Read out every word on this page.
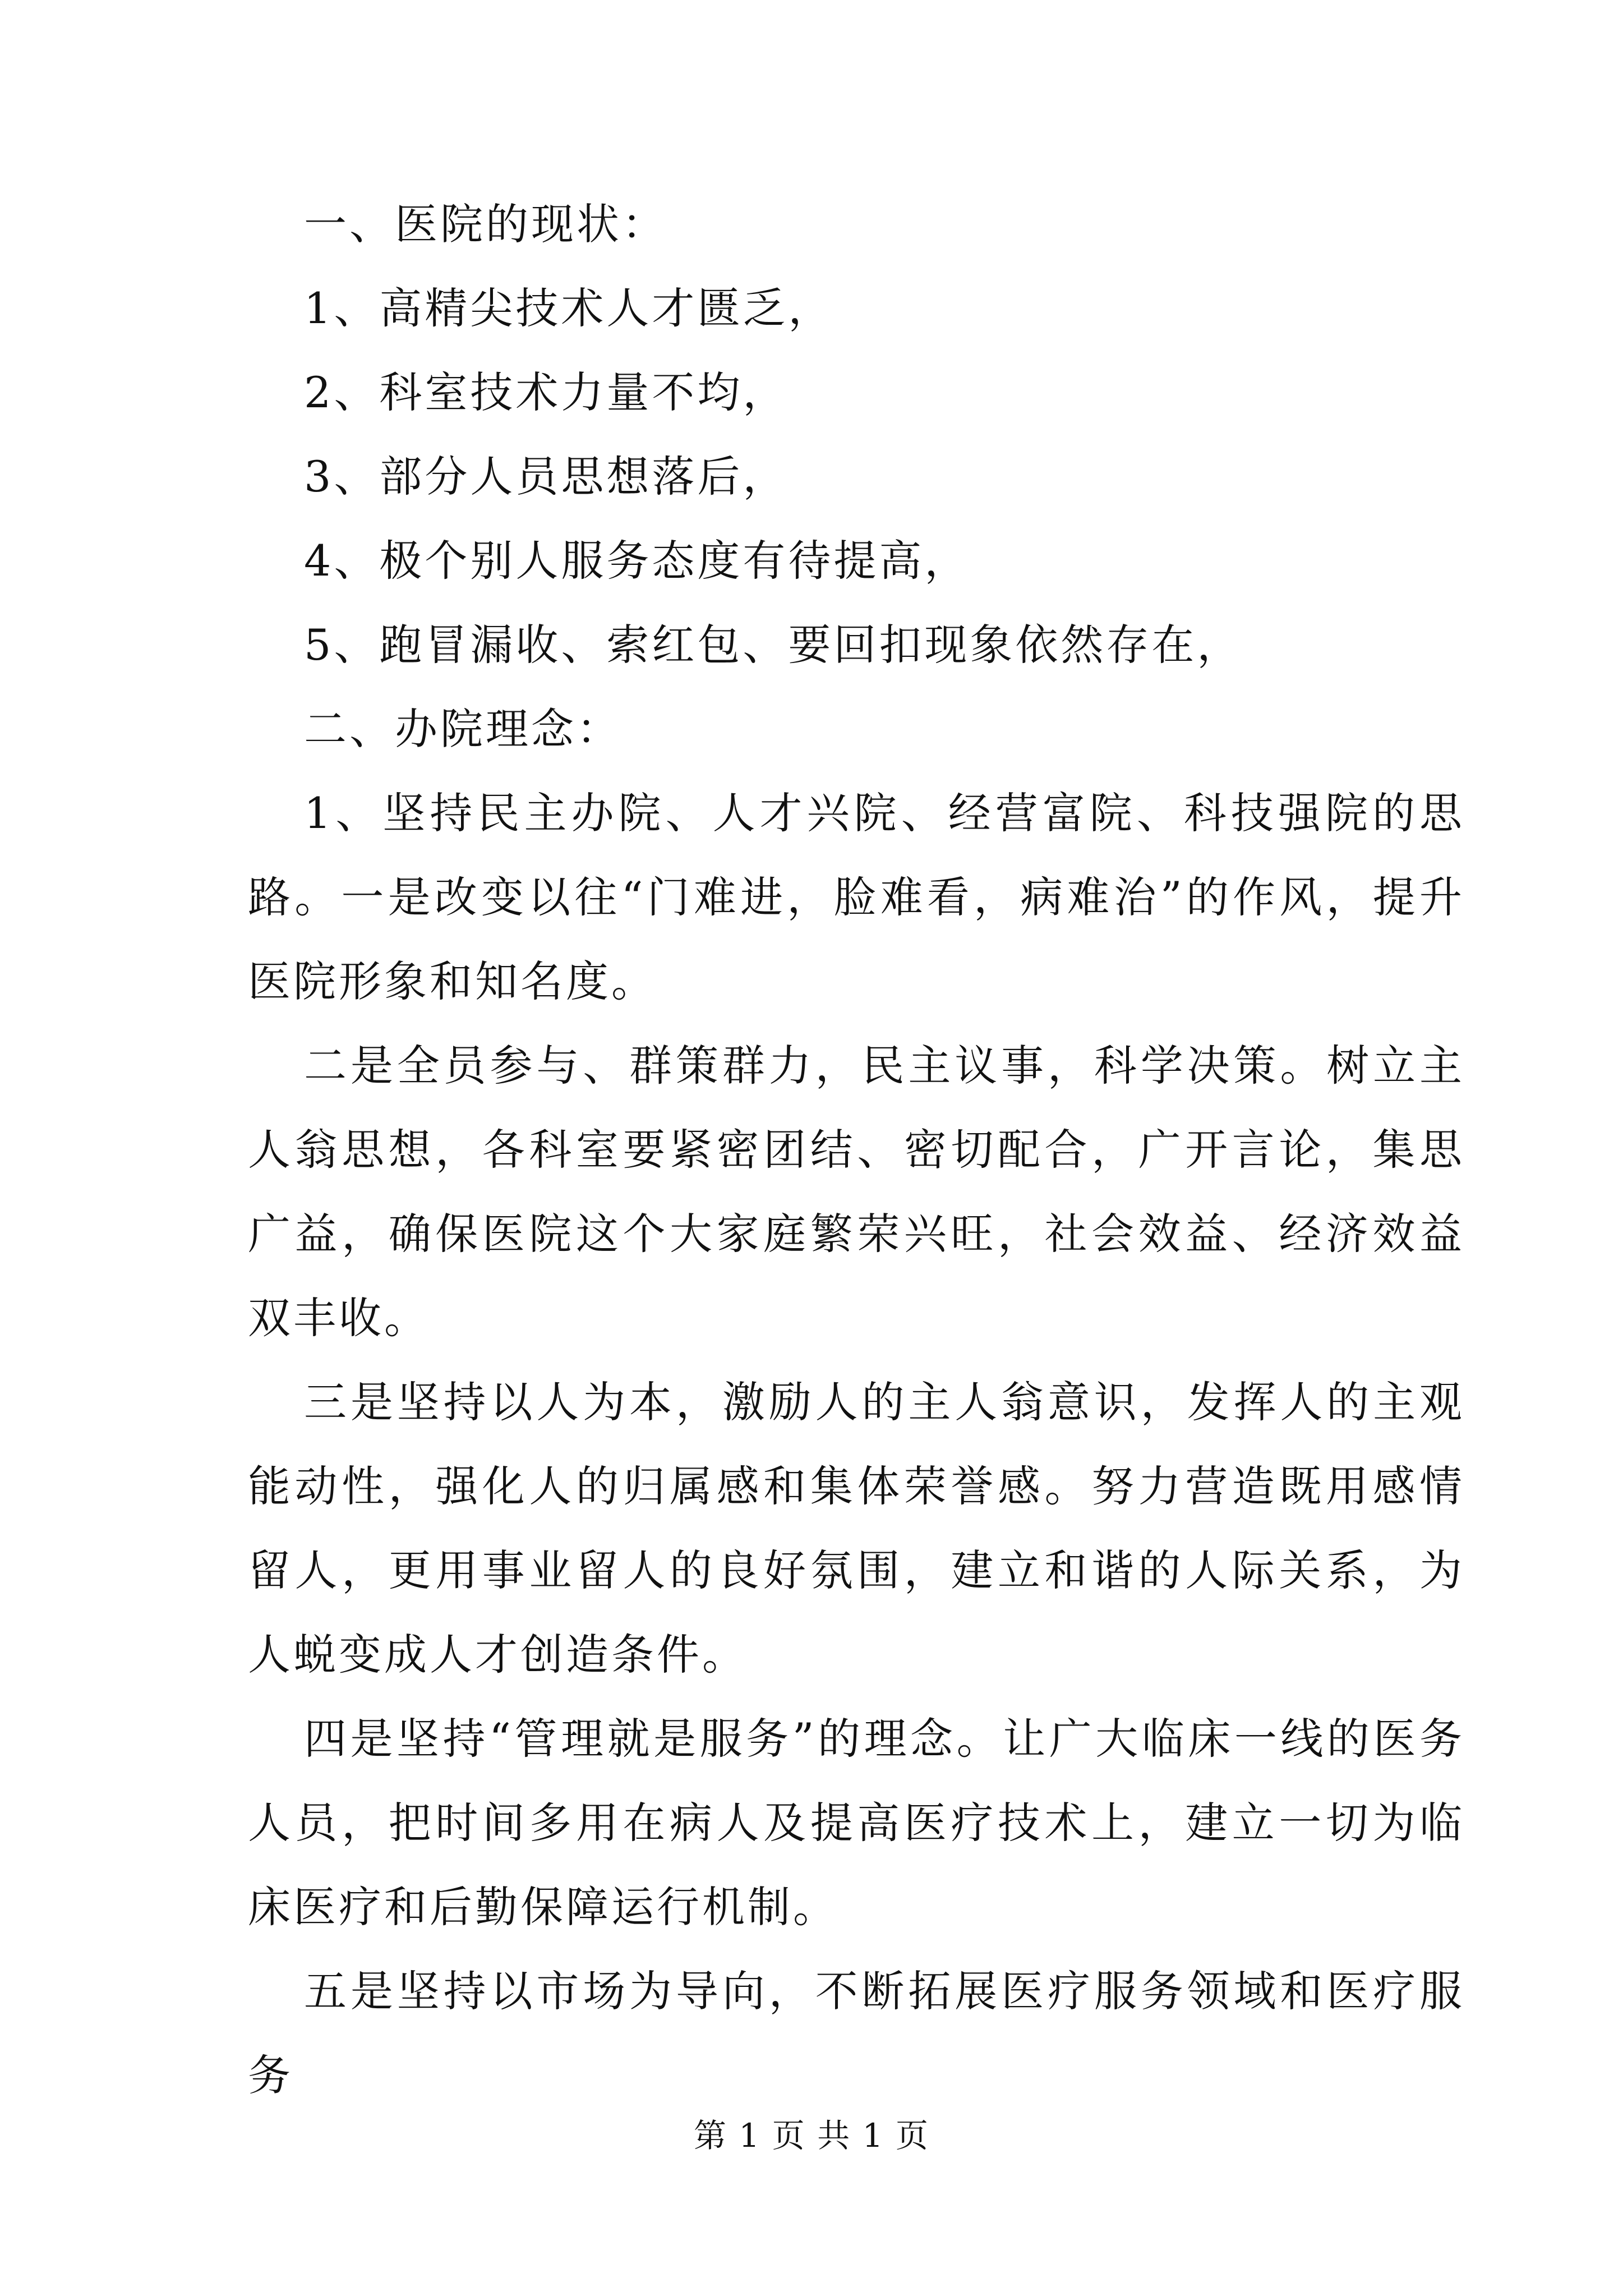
一、医院的现状：

1、高精尖技术人才匮乏，

2、科室技术力量不均，

3、部分人员思想落后，

4、极个别人服务态度有待提高，

5、跑冒漏收、索红包、要回扣现象依然存在，

二、办院理念：

1、坚持民主办院、人才兴院、经营富院、科技强院的思路。一是改变以往“门难进，脸难看，病难治”的作风，提升医院形象和知名度。

二是全员参与、群策群力，民主议事，科学决策。树立主人翁思想，各科室要紧密团结、密切配合，广开言论，集思广益，确保医院这个大家庭繁荣兴旺，社会效益、经济效益双丰收。

三是坚持以人为本，激励人的主人翁意识，发挥人的主观能动性，强化人的归属感和集体荣誉感。努力营造既用感情留人，更用事业留人的良好氛围，建立和谐的人际关系，为人蜕变成人才创造条件。

四是坚持“管理就是服务”的理念。让广大临床一线的医务人员，把时间多用在病人及提高医疗技术上，建立一切为临床医疗和后勤保障运行机制。

五是坚持以市场为导向，不断拓展医疗服务领域和医疗服务

第 1 页 共 1 页
